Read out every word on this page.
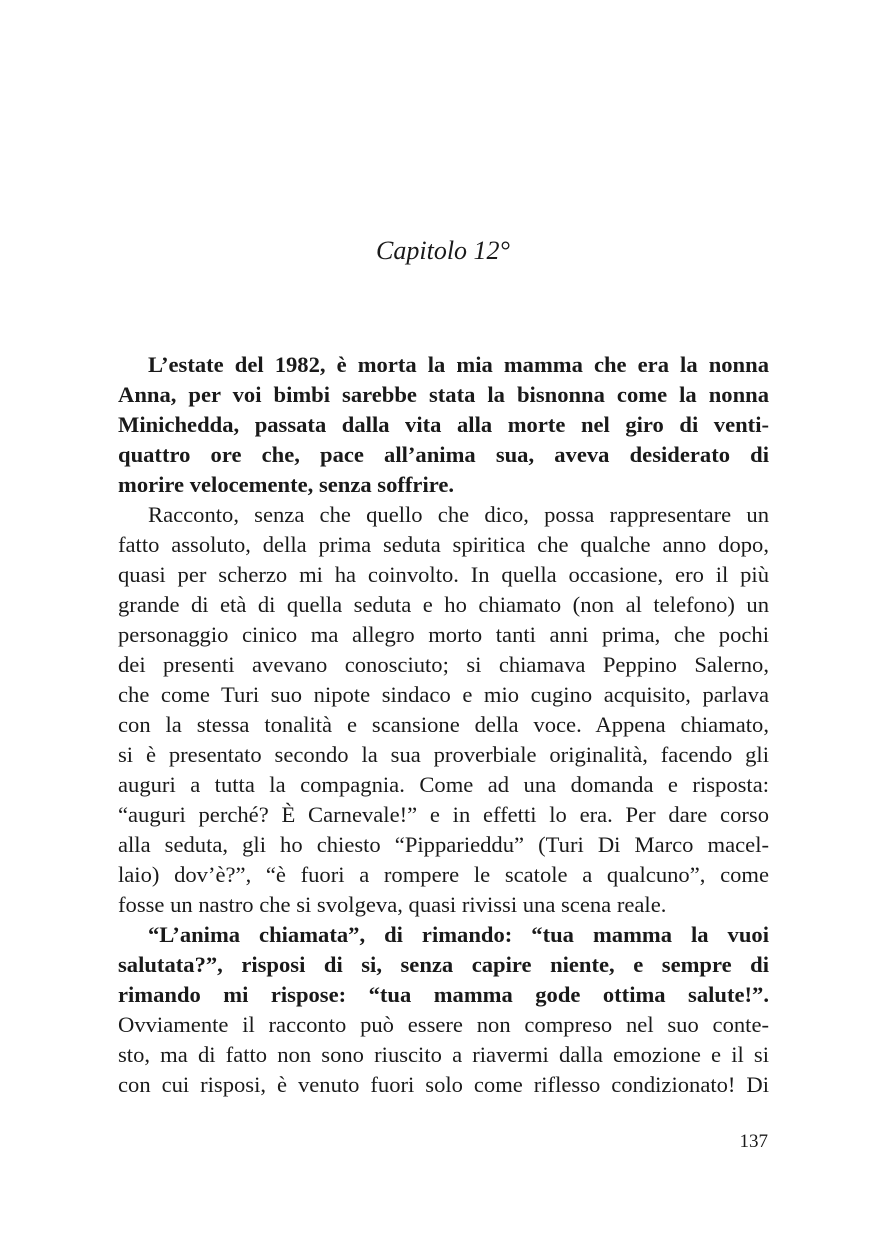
Capitolo 12°
L’estate del 1982, è morta la mia mamma che era la nonna
Anna, per voi bimbi sarebbe stata la bisnonna come la nonna
Minichedda, passata dalla vita alla morte nel giro di venti-
quattro ore che, pace all’anima sua, aveva desiderato di
morire velocemente, senza soffrire.
Racconto, senza che quello che dico, possa rappresentare un
fatto assoluto, della prima seduta spiritica che qualche anno dopo,
quasi per scherzo mi ha coinvolto. In quella occasione, ero il più
grande di età di quella seduta e ho chiamato (non al telefono) un
personaggio cinico ma allegro morto tanti anni prima, che pochi
dei presenti avevano conosciuto; si chiamava Peppino Salerno,
che come Turi suo nipote sindaco e mio cugino acquisito, parlava
con la stessa tonalità e scansione della voce. Appena chiamato,
si è presentato secondo la sua proverbiale originalità, facendo gli
auguri a tutta la compagnia. Come ad una domanda e risposta:
“auguri perché? È Carnevale!” e in effetti lo era. Per dare corso
alla seduta, gli ho chiesto “Pipparieddu” (Turi Di Marco macel-
laio) dov’è?”, “è fuori a rompere le scatole a qualcuno”, come
fosse un nastro che si svolgeva, quasi rivissi una scena reale.
“L’anima chiamata”, di rimando: “tua mamma la vuoi
salutata?”, risposi di si, senza capire niente, e sempre di
rimando mi rispose: “tua mamma gode ottima salute!”.
Ovviamente il racconto può essere non compreso nel suo conte-
sto, ma di fatto non sono riuscito a riavermi dalla emozione e il si
con cui risposi, è venuto fuori solo come riflesso condizionato! Di
137
